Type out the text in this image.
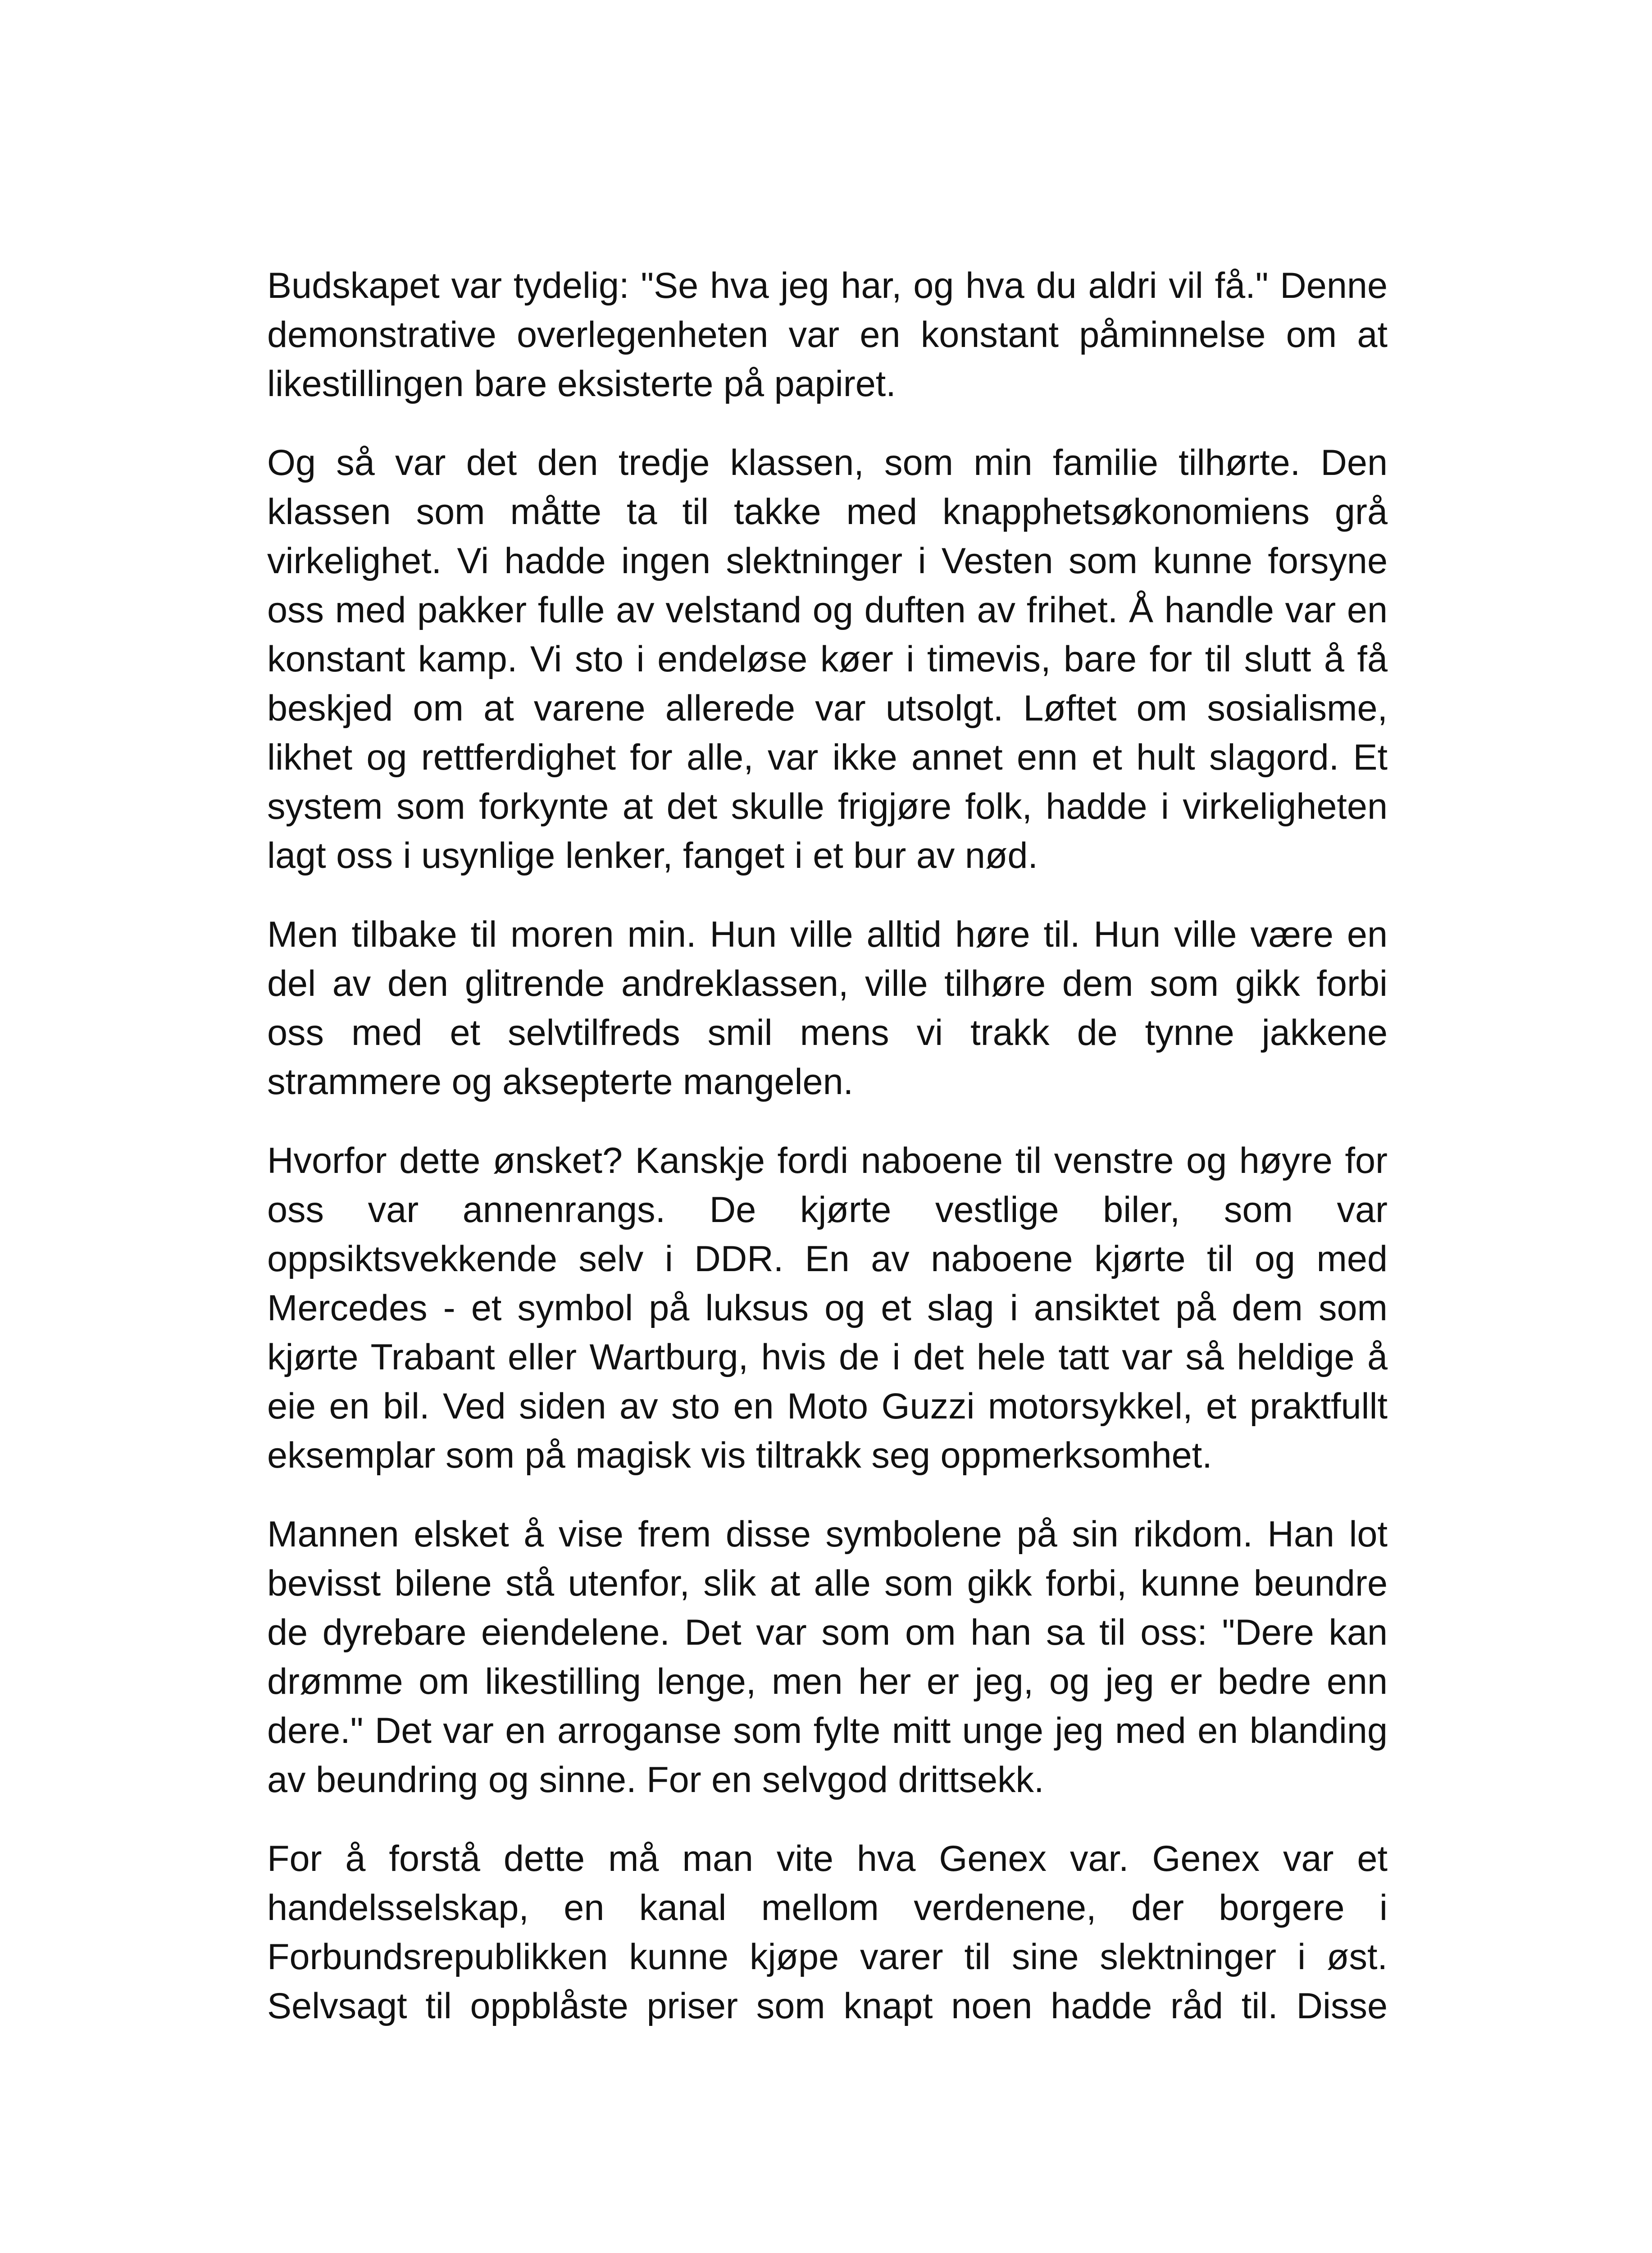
Budskapet var tydelig: "Se hva jeg har, og hva du aldri vil få." Denne demonstrative overlegenheten var en konstant påminnelse om at likestillingen bare eksisterte på papiret.

Og så var det den tredje klassen, som min familie tilhørte. Den klassen som måtte ta til takke med knapphetsøkonomiens grå virkelighet. Vi hadde ingen slektninger i Vesten som kunne forsyne oss med pakker fulle av velstand og duften av frihet. Å handle var en konstant kamp. Vi sto i endeløse køer i timevis, bare for til slutt å få beskjed om at varene allerede var utsolgt. Løftet om sosialisme, likhet og rettferdighet for alle, var ikke annet enn et hult slagord. Et system som forkynte at det skulle frigjøre folk, hadde i virkeligheten lagt oss i usynlige lenker, fanget i et bur av nød.

Men tilbake til moren min. Hun ville alltid høre til. Hun ville være en del av den glitrende andreklassen, ville tilhøre dem som gikk forbi oss med et selvtilfreds smil mens vi trakk de tynne jakkene strammere og aksepterte mangelen.

Hvorfor dette ønsket? Kanskje fordi naboene til venstre og høyre for oss var annenrangs. De kjørte vestlige biler, som var oppsiktsvekkende selv i DDR. En av naboene kjørte til og med Mercedes - et symbol på luksus og et slag i ansiktet på dem som kjørte Trabant eller Wartburg, hvis de i det hele tatt var så heldige å eie en bil. Ved siden av sto en Moto Guzzi motorsykkel, et praktfullt eksemplar som på magisk vis tiltrakk seg oppmerksomhet.

Mannen elsket å vise frem disse symbolene på sin rikdom. Han lot bevisst bilene stå utenfor, slik at alle som gikk forbi, kunne beundre de dyrebare eiendelene. Det var som om han sa til oss: "Dere kan drømme om likestilling lenge, men her er jeg, og jeg er bedre enn dere." Det var en arroganse som fylte mitt unge jeg med en blanding av beundring og sinne. For en selvgod drittsekk.

For å forstå dette må man vite hva Genex var. Genex var et handelsselskap, en kanal mellom verdenene, der borgere i Forbundsrepublikken kunne kjøpe varer til sine slektninger i øst. Selvsagt til oppblåste priser som knapt noen hadde råd til. Disse
